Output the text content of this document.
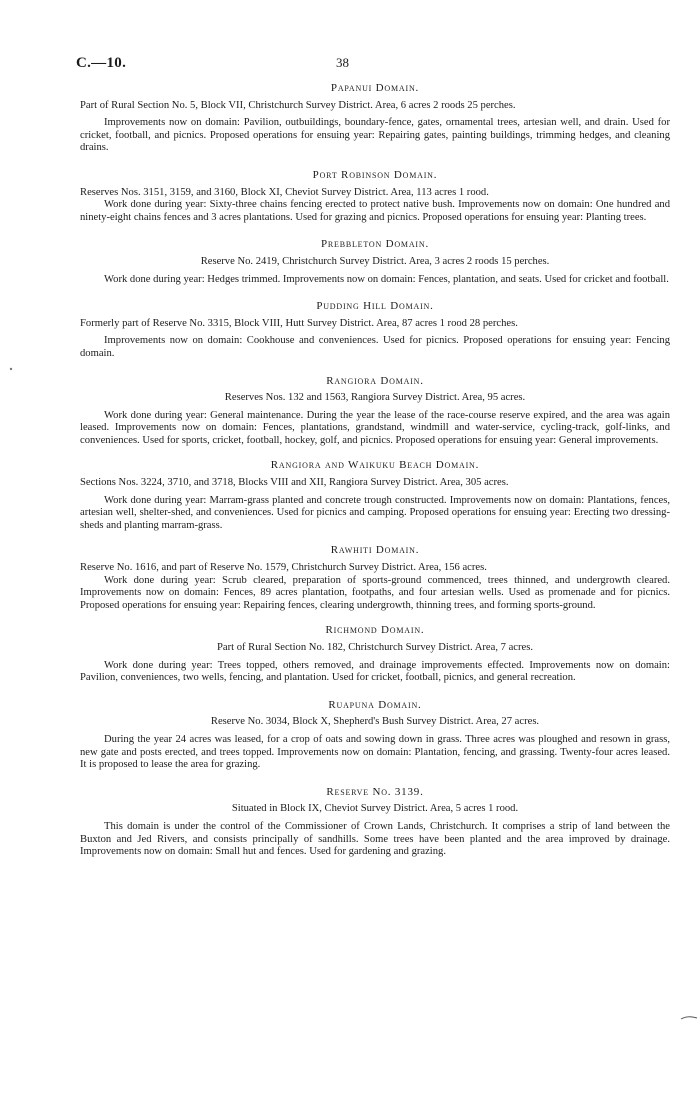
C.—10.	38
Papanui Domain.
Part of Rural Section No. 5, Block VII, Christchurch Survey District. Area, 6 acres 2 roods 25 perches.

Improvements now on domain: Pavilion, outbuildings, boundary-fence, gates, ornamental trees, artesian well, and drain. Used for cricket, football, and picnics. Proposed operations for ensuing year: Repairing gates, painting buildings, trimming hedges, and cleaning drains.

Port Robinson Domain.

Reserves Nos. 3151, 3159, and 3160, Block XI, Cheviot Survey District. Area, 113 acres 1 rood.

Work done during year: Sixty-three chains fencing erected to protect native bush. Improvements now on domain: One hundred and ninety-eight chains fences and 3 acres plantations. Used for grazing and picnics. Proposed operations for ensuing year: Planting trees.

Prebbleton Domain.
Reserve No. 2419, Christchurch Survey District. Area, 3 acres 2 roods 15 perches.

Work done during year: Hedges trimmed. Improvements now on domain: Fences, plantation, and seats. Used for cricket and football.

Pudding Hill Domain.
Formerly part of Reserve No. 3315, Block VIII, Hutt Survey District. Area, 87 acres 1 rood 28 perches.

Improvements now on domain: Cookhouse and conveniences. Used for picnics. Proposed operations for ensuing year: Fencing domain.

Rangiora Domain.
Reserves Nos. 132 and 1563, Rangiora Survey District. Area, 95 acres.

Work done during year: General maintenance. During the year the lease of the race-course reserve expired, and the area was again leased. Improvements now on domain: Fences, plantations, grandstand, windmill and water-service, cycling-track, golf-links, and conveniences. Used for sports, cricket, football, hockey, golf, and picnics. Proposed operations for ensuing year: General improvements.

Rangiora and Waikuku Beach Domain.
Sections Nos. 3224, 3710, and 3718, Blocks VIII and XII, Rangiora Survey District. Area, 305 acres.

Work done during year: Marram-grass planted and concrete trough constructed. Improvements now on domain: Plantations, fences, artesian well, shelter-shed, and conveniences. Used for picnics and camping. Proposed operations for ensuing year: Erecting two dressing-sheds and planting marram-grass.

Rawhiti Domain.

Reserve No. 1616, and part of Reserve No. 1579, Christchurch Survey District. Area, 156 acres.

Work done during year: Scrub cleared, preparation of sports-ground commenced, trees thinned, and undergrowth cleared. Improvements now on domain: Fences, 89 acres plantation, footpaths, and four artesian wells. Used as promenade and for picnics. Proposed operations for ensuing year: Repairing fences, clearing undergrowth, thinning trees, and forming sports-ground.

Richmond Domain.
Part of Rural Section No. 182, Christchurch Survey District. Area, 7 acres.

Work done during year: Trees topped, others removed, and drainage improvements effected. Improvements now on domain: Pavilion, conveniences, two wells, fencing, and plantation. Used for cricket, football, picnics, and general recreation.

Ruapuna Domain.
Reserve No. 3034, Block X, Shepherd's Bush Survey District. Area, 27 acres.

During the year 24 acres was leased, for a crop of oats and sowing down in grass. Three acres was ploughed and resown in grass, new gate and posts erected, and trees topped. Improvements now on domain: Plantation, fencing, and grassing. Twenty-four acres leased. It is proposed to lease the area for grazing.

Reserve No. 3139.
Situated in Block IX, Cheviot Survey District. Area, 5 acres 1 rood.

This domain is under the control of the Commissioner of Crown Lands, Christchurch. It comprises a strip of land between the Buxton and Jed Rivers, and consists principally of sandhills. Some trees have been planted and the area improved by drainage. Improvements now on domain: Small hut and fences. Used for gardening and grazing.
